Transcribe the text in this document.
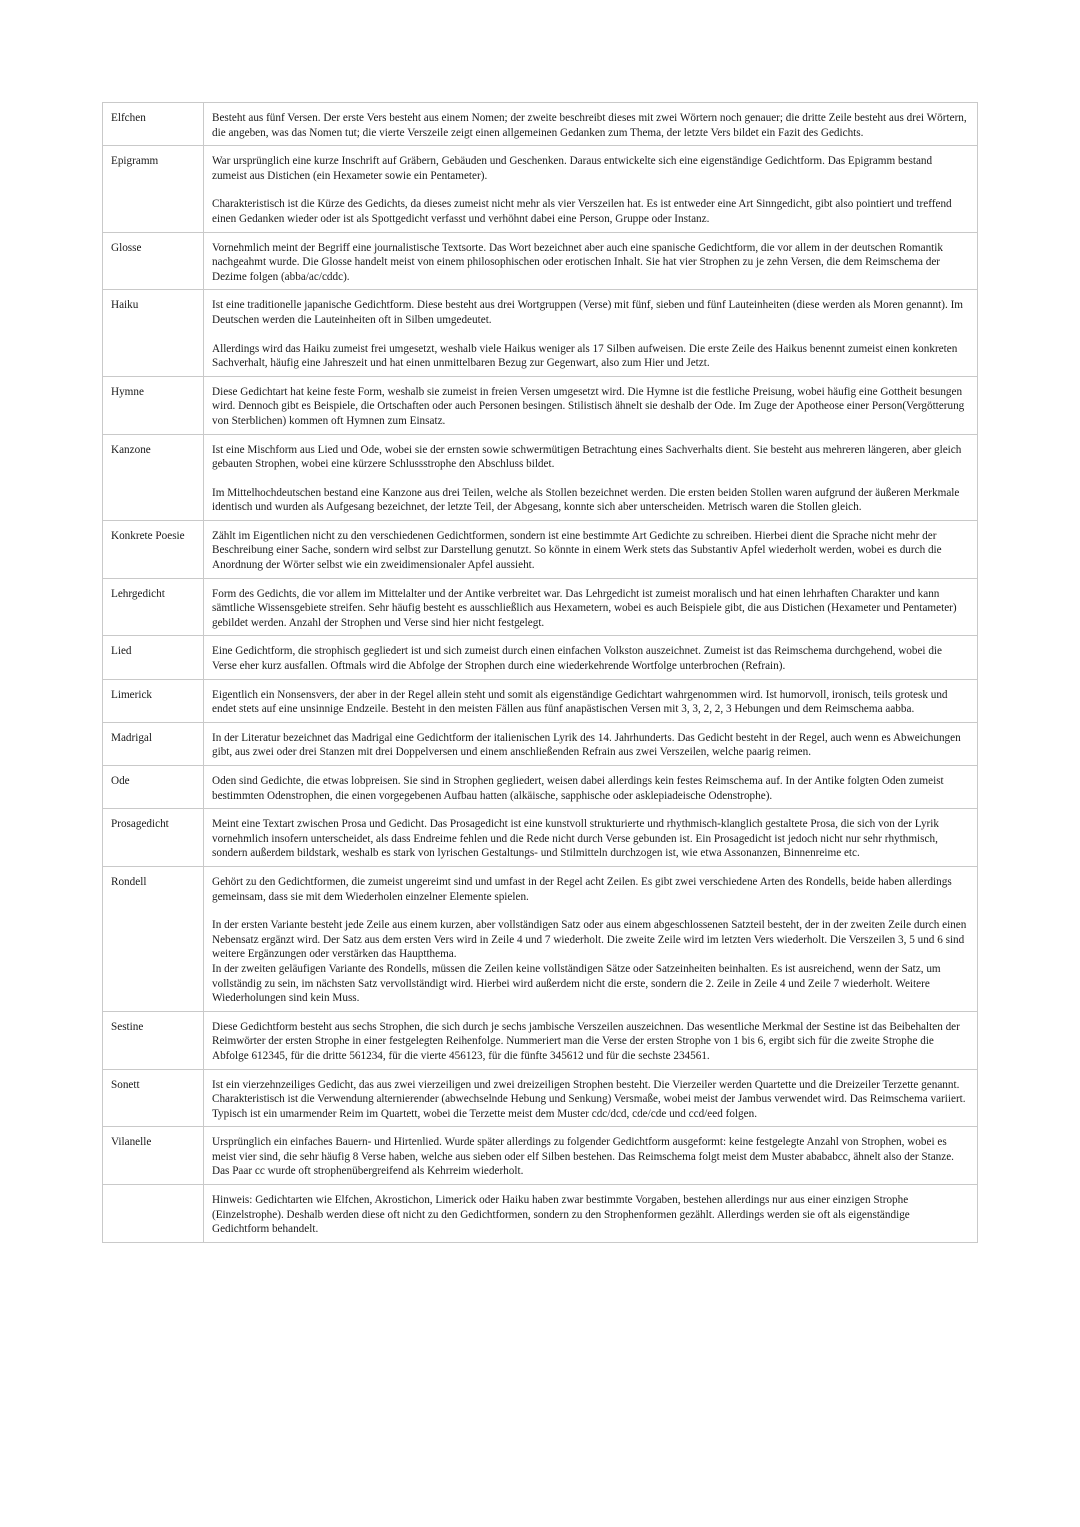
Elfchen	Besteht aus fünf Versen. Der erste Vers besteht aus einem Nomen; der zweite beschreibt dieses mit zwei Wörtern noch genauer; die dritte Zeile besteht aus drei Wörtern, die angeben, was das Nomen tut; die vierte Verszeile zeigt einen allgemeinen Gedanken zum Thema, der letzte Vers bildet ein Fazit des Gedichts.

Epigramm	War ursprünglich eine kurze Inschrift auf Gräbern, Gebäuden und Geschenken. Daraus entwickelte sich eine eigenständige Gedichtform. Das Epigramm bestand zumeist aus Distichen (ein Hexameter sowie ein Pentameter).

Charakteristisch ist die Kürze des Gedichts, da dieses zumeist nicht mehr als vier Verszeilen hat. Es ist entweder eine Art Sinngedicht, gibt also pointiert und treffend einen Gedanken wieder oder ist als Spottgedicht verfasst und verhöhnt dabei eine Person, Gruppe oder Instanz.

Glosse	Vornehmlich meint der Begriff eine journalistische Textsorte. Das Wort bezeichnet aber auch eine spanische Gedichtform, die vor allem in der deutschen Romantik nachgeahmt wurde. Die Glosse handelt meist von einem philosophischen oder erotischen Inhalt. Sie hat vier Strophen zu je zehn Versen, die dem Reimschema der Dezime folgen (abba/ac/cddc).

Haiku	Ist eine traditionelle japanische Gedichtform. Diese besteht aus drei Wortgruppen (Verse) mit fünf, sieben und fünf Lauteinheiten (diese werden als Moren genannt). Im Deutschen werden die Lauteinheiten oft in Silben umgedeutet.

Allerdings wird das Haiku zumeist frei umgesetzt, weshalb viele Haikus weniger als 17 Silben aufweisen. Die erste Zeile des Haikus benennt zumeist einen konkreten Sachverhalt, häufig eine Jahreszeit und hat einen unmittelbaren Bezug zur Gegenwart, also zum Hier und Jetzt.

Hymne	Diese Gedichtart hat keine feste Form, weshalb sie zumeist in freien Versen umgesetzt wird. Die Hymne ist die festliche Preisung, wobei häufig eine Gottheit besungen wird. Dennoch gibt es Beispiele, die Ortschaften oder auch Personen besingen. Stilistisch ähnelt sie deshalb der Ode. Im Zuge der Apotheose einer Person(Vergötterung von Sterblichen) kommen oft Hymnen zum Einsatz.

Kanzone	Ist eine Mischform aus Lied und Ode, wobei sie der ernsten sowie schwermütigen Betrachtung eines Sachverhalts dient. Sie besteht aus mehreren längeren, aber gleich gebauten Strophen, wobei eine kürzere Schlussstrophe den Abschluss bildet.

Im Mittelhochdeutschen bestand eine Kanzone aus drei Teilen, welche als Stollen bezeichnet werden. Die ersten beiden Stollen waren aufgrund der äußeren Merkmale identisch und wurden als Aufgesang bezeichnet, der letzte Teil, der Abgesang, konnte sich aber unterscheiden. Metrisch waren die Stollen gleich.

Konkrete Poesie	Zählt im Eigentlichen nicht zu den verschiedenen Gedichtformen, sondern ist eine bestimmte Art Gedichte zu schreiben. Hierbei dient die Sprache nicht mehr der Beschreibung einer Sache, sondern wird selbst zur Darstellung genutzt. So könnte in einem Werk stets das Substantiv Apfel wiederholt werden, wobei es durch die Anordnung der Wörter selbst wie ein zweidimensionaler Apfel aussieht.

Lehrgedicht	Form des Gedichts, die vor allem im Mittelalter und der Antike verbreitet war. Das Lehrgedicht ist zumeist moralisch und hat einen lehrhaften Charakter und kann sämtliche Wissensgebiete streifen. Sehr häufig besteht es ausschließlich aus Hexametern, wobei es auch Beispiele gibt, die aus Distichen (Hexameter und Pentameter) gebildet werden. Anzahl der Strophen und Verse sind hier nicht festgelegt.

Lied	Eine Gedichtform, die strophisch gegliedert ist und sich zumeist durch einen einfachen Volkston auszeichnet. Zumeist ist das Reimschema durchgehend, wobei die Verse eher kurz ausfallen. Oftmals wird die Abfolge der Strophen durch eine wiederkehrende Wortfolge unterbrochen (Refrain).

Limerick	Eigentlich ein Nonsensvers, der aber in der Regel allein steht und somit als eigenständige Gedichtart wahrgenommen wird. Ist humorvoll, ironisch, teils grotesk und endet stets auf eine unsinnige Endzeile. Besteht in den meisten Fällen aus fünf anapästischen Versen mit 3, 3, 2, 2, 3 Hebungen und dem Reimschema aabba.

Madrigal	In der Literatur bezeichnet das Madrigal eine Gedichtform der italienischen Lyrik des 14. Jahrhunderts. Das Gedicht besteht in der Regel, auch wenn es Abweichungen gibt, aus zwei oder drei Stanzen mit drei Doppelversen und einem anschließenden Refrain aus zwei Verszeilen, welche paarig reimen.

Ode	Oden sind Gedichte, die etwas lobpreisen. Sie sind in Strophen gegliedert, weisen dabei allerdings kein festes Reimschema auf. In der Antike folgten Oden zumeist bestimmten Odenstrophen, die einen vorgegebenen Aufbau hatten (alkäische, sapphische oder asklepiadeische Odenstrophe).

Prosagedicht	Meint eine Textart zwischen Prosa und Gedicht. Das Prosagedicht ist eine kunstvoll strukturierte und rhythmisch-klanglich gestaltete Prosa, die sich von der Lyrik vornehmlich insofern unterscheidet, als dass Endreime fehlen und die Rede nicht durch Verse gebunden ist. Ein Prosagedicht ist jedoch nicht nur sehr rhythmisch, sondern außerdem bildstark, weshalb es stark von lyrischen Gestaltungs- und Stilmitteln durchzogen ist, wie etwa Assonanzen, Binnenreime etc.

Rondell	Gehört zu den Gedichtformen, die zumeist ungereimt sind und umfast in der Regel acht Zeilen. Es gibt zwei verschiedene Arten des Rondells, beide haben allerdings gemeinsam, dass sie mit dem Wiederholen einzelner Elemente spielen.

In der ersten Variante besteht jede Zeile aus einem kurzen, aber vollständigen Satz oder aus einem abgeschlossenen Satzteil besteht, der in der zweiten Zeile durch einen Nebensatz ergänzt wird. Der Satz aus dem ersten Vers wird in Zeile 4 und 7 wiederholt. Die zweite Zeile wird im letzten Vers wiederholt. Die Verszeilen 3, 5 und 6 sind weitere Ergänzungen oder verstärken das Hauptthema.

In der zweiten geläufigen Variante des Rondells, müssen die Zeilen keine vollständigen Sätze oder Satzeinheiten beinhalten. Es ist ausreichend, wenn der Satz, um vollständig zu sein, im nächsten Satz vervollständigt wird. Hierbei wird außerdem nicht die erste, sondern die 2. Zeile in Zeile 4 und Zeile 7 wiederholt. Weitere Wiederholungen sind kein Muss.

Sestine	Diese Gedichtform besteht aus sechs Strophen, die sich durch je sechs jambische Verszeilen auszeichnen. Das wesentliche Merkmal der Sestine ist das Beibehalten der Reimwörter der ersten Strophe in einer festgelegten Reihenfolge. Nummeriert man die Verse der ersten Strophe von 1 bis 6, ergibt sich für die zweite Strophe die Abfolge 612345, für die dritte 561234, für die vierte 456123, für die fünfte 345612 und für die sechste 234561.

Sonett	Ist ein vierzehnzeiliges Gedicht, das aus zwei vierzeiligen und zwei dreizeiligen Strophen besteht. Die Vierzeiler werden Quartette und die Dreizeiler Terzette genannt. Charakteristisch ist die Verwendung alternierender (abwechselnde Hebung und Senkung) Versmaße, wobei meist der Jambus verwendet wird. Das Reimschema variiert. Typisch ist ein umarmender Reim im Quartett, wobei die Terzette meist dem Muster cdc/dcd, cde/cde und ccd/eed folgen.

Vilanelle	Ursprünglich ein einfaches Bauern- und Hirtenlied. Wurde später allerdings zu folgender Gedichtform ausgeformt: keine festgelegte Anzahl von Strophen, wobei es meist vier sind, die sehr häufig 8 Verse haben, welche aus sieben oder elf Silben bestehen. Das Reimschema folgt meist dem Muster abababcc, ähnelt also der Stanze. Das Paar cc wurde oft strophenübergreifend als Kehrreim wiederholt.

	Hinweis: Gedichtarten wie Elfchen, Akrostichon, Limerick oder Haiku haben zwar bestimmte Vorgaben, bestehen allerdings nur aus einer einzigen Strophe (Einzelstrophe). Deshalb werden diese oft nicht zu den Gedichtformen, sondern zu den Strophenformen gezählt. Allerdings werden sie oft als eigenständige Gedichtform behandelt.
